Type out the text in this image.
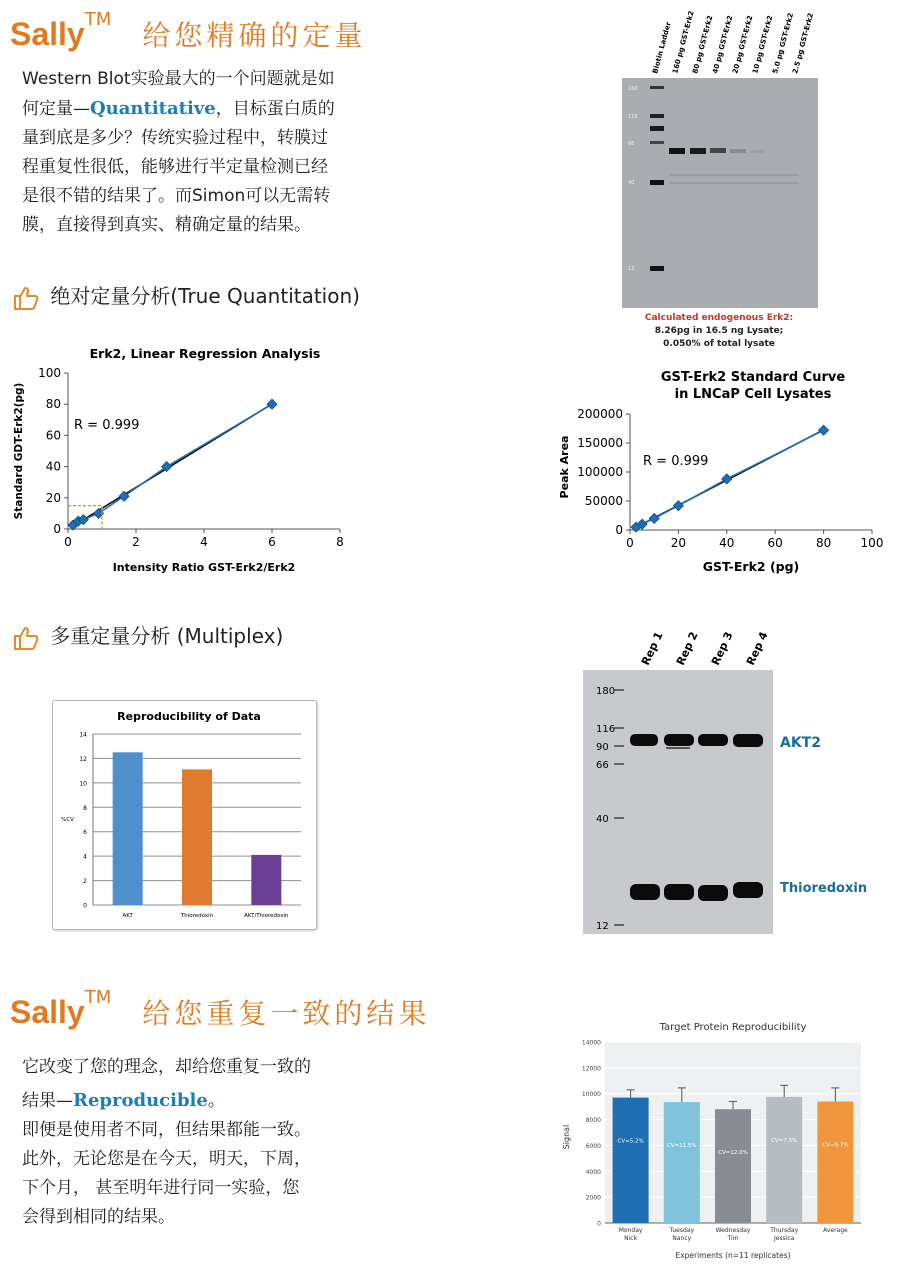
Sally™ 给您精确的定量
Western Blot实验最大的一个问题就是如
何定量—Quantitative，目标蛋白质的
量到底是多少？传统实验过程中，转膜过
程重复性很低，能够进行半定量检测已经
是很不错的结果了。而Simon可以无需转
膜，直接得到真实、精确定量的结果。
绝对定量分析(True Quantitation)
Biotin Ladder
160 pg GST-Erk2
80 pg GST-Erk2
40 pg GST-Erk2
20 pg GST-Erk2
10 pg GST-Erk2
5.0 pg GST-Erk2
2.5 pg GST-Erk2
180
116
66
40
12
Calculated endogenous Erk2:
8.26pg in 16.5 ng Lysate;
0.050% of total lysate
Erk2, Linear Regression Analysis
0
20
40
60
80
100
0	2	4	6	8
R = 0.999
Intensity Ratio GST-Erk2/Erk2
Standard GDT-Erk2(pg)
GST-Erk2 Standard Curve
in LNCaP Cell Lysates
0
50000
100000
150000
200000
0	20	40	60	80 100
R = 0.999
GST-Erk2 (pg)
Peak Area
多重定量分析 (Multiplex)
Reproducibility of Data
0
2
4
6
8
10
12
14
%CV
AKT	Thioredoxin	AKT/Thioredoxin
Rep 1 Rep 2 Rep 3 Rep 4
180
116
90
66
40
12
AKT2
Thioredoxin
Sally™ 给您重复一致的结果
它改变了您的理念，却给您重复一致的
结果—Reproducible。
即便是使用者不同，但结果都能一致。
此外，无论您是在今天，明天，下周，
下个月， 甚至明年进行同一实验，您
会得到相同的结果。
Target Protein Reproducibility
0
2000
4000
6000
8000
10000
12000
14000
Signal	CV=5.2%
Monday
Nick
CV=11.5%
Tuesday
Nancy
CV=12.0%
Wednesday
Tim
CV=7.3%
Thursday
Jessica
CV=9.7%
Average
Experiments (n=11 replicates)
